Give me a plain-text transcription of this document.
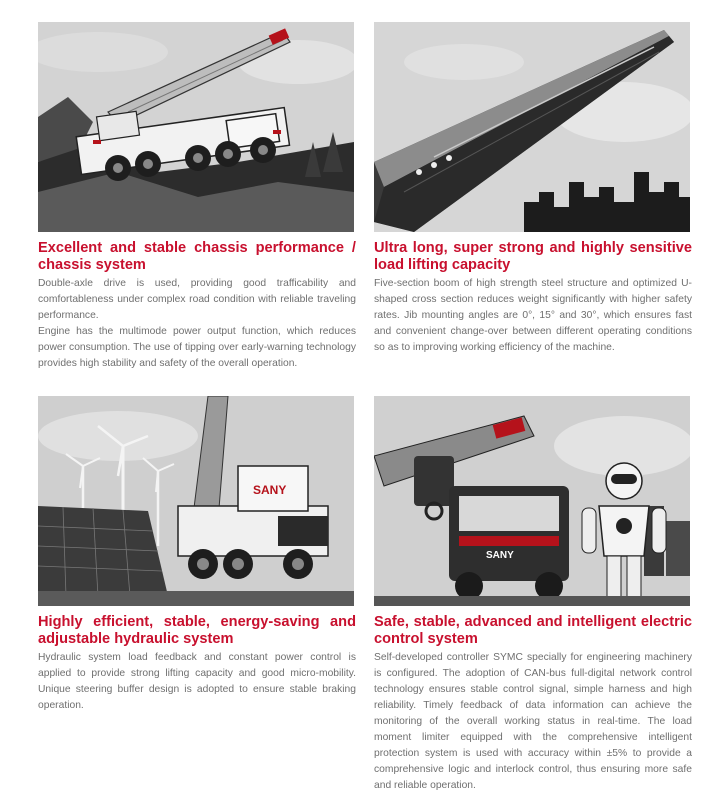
Excellent and stable chassis performance / chassis system

Double-axle drive is used, providing good trafficability and comfortableness under complex road condition with reliable traveling performance.

Engine has the multimode power output function, which reduces power consumption. The use of tipping over early-warning technology provides high stability and safety of the overall operation.

Ultra long, super strong and highly sensitive load lifting capacity

Five-section boom of high strength steel structure and optimized U-shaped cross section reduces weight significantly with higher safety rates. Jib mounting angles are 0°, 15° and 30°, which ensures fast and convenient change-over between different operating conditions so as to improving working efficiency of the machine.

SANY
Highly efficient, stable, energy-saving and adjustable hydraulic system

Hydraulic system load feedback and constant power control is applied to provide strong lifting capacity and good micro-mobility. Unique steering buffer design is adopted to ensure stable braking operation.

SANY
Safe, stable, advanced and intelligent electric control system

Self-developed controller SYMC specially for engineering machinery is configured. The adoption of CAN-bus full-digital network control technology ensures stable control signal, simple harness and high reliability. Timely feedback of data information can achieve the monitoring of the overall working status in real-time. The load moment limiter equipped with the comprehensive intelligent protection system is used with accuracy within ±5% to provide a comprehensive logic and interlock control, thus ensuring more safe and reliable operation.
